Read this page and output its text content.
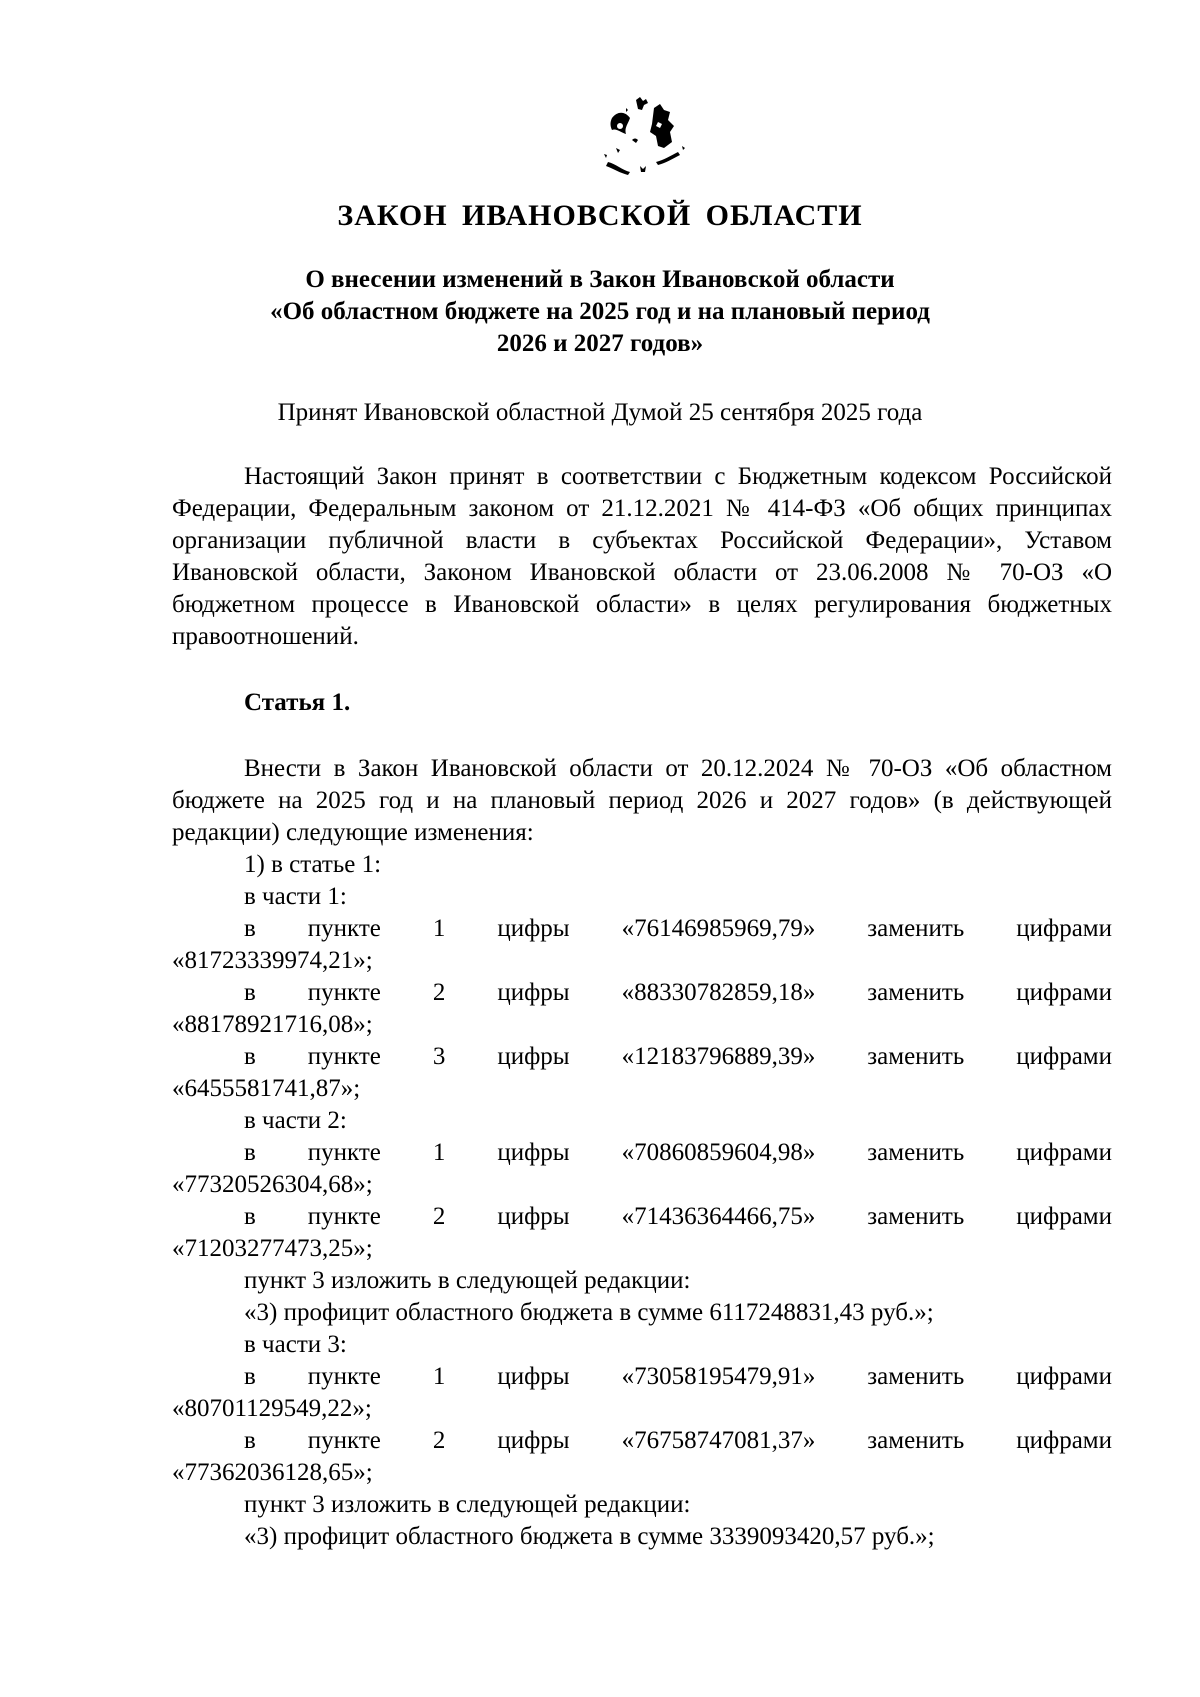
ЗАКОН ИВАНОВСКОЙ ОБЛАСТИ
О внесении изменений в Закон Ивановской области
«Об областном бюджете на 2025 год и на плановый период
2026 и 2027 годов»
Принят Ивановской областной Думой 25 сентября 2025 года

Настоящий Закон принят в соответствии с Бюджетным кодексом Российской Федерации, Федеральным законом от 21.12.2021 № 414-ФЗ «Об общих принципах организации публичной власти в субъектах Российской Федерации», Уставом Ивановской области, Законом Ивановской области от 23.06.2008 № 70-ОЗ «О бюджетном процессе в Ивановской области» в целях регулирования бюджетных правоотношений.

Статья 1.

Внести в Закон Ивановской области от 20.12.2024 № 70-ОЗ «Об областном бюджете на 2025 год и на плановый период 2026 и 2027 годов» (в действующей редакции) следующие изменения:

1) в статье 1:
в части 1:
в пункте 1 цифры «76146985969,79» заменить цифрами
«81723339974,21»;
в пункте 2 цифры «88330782859,18» заменить цифрами
«88178921716,08»;
в пункте 3 цифры «12183796889,39» заменить цифрами
«6455581741,87»;
в части 2:
в пункте 1 цифры «70860859604,98» заменить цифрами
«77320526304,68»;
в пункте 2 цифры «71436364466,75» заменить цифрами
«71203277473,25»;
пункт 3 изложить в следующей редакции:
«3) профицит областного бюджета в сумме 6117248831,43 руб.»;
в части 3:
в пункте 1 цифры «73058195479,91» заменить цифрами
«80701129549,22»;
в пункте 2 цифры «76758747081,37» заменить цифрами
«77362036128,65»;
пункт 3 изложить в следующей редакции:
«3) профицит областного бюджета в сумме 3339093420,57 руб.»;
